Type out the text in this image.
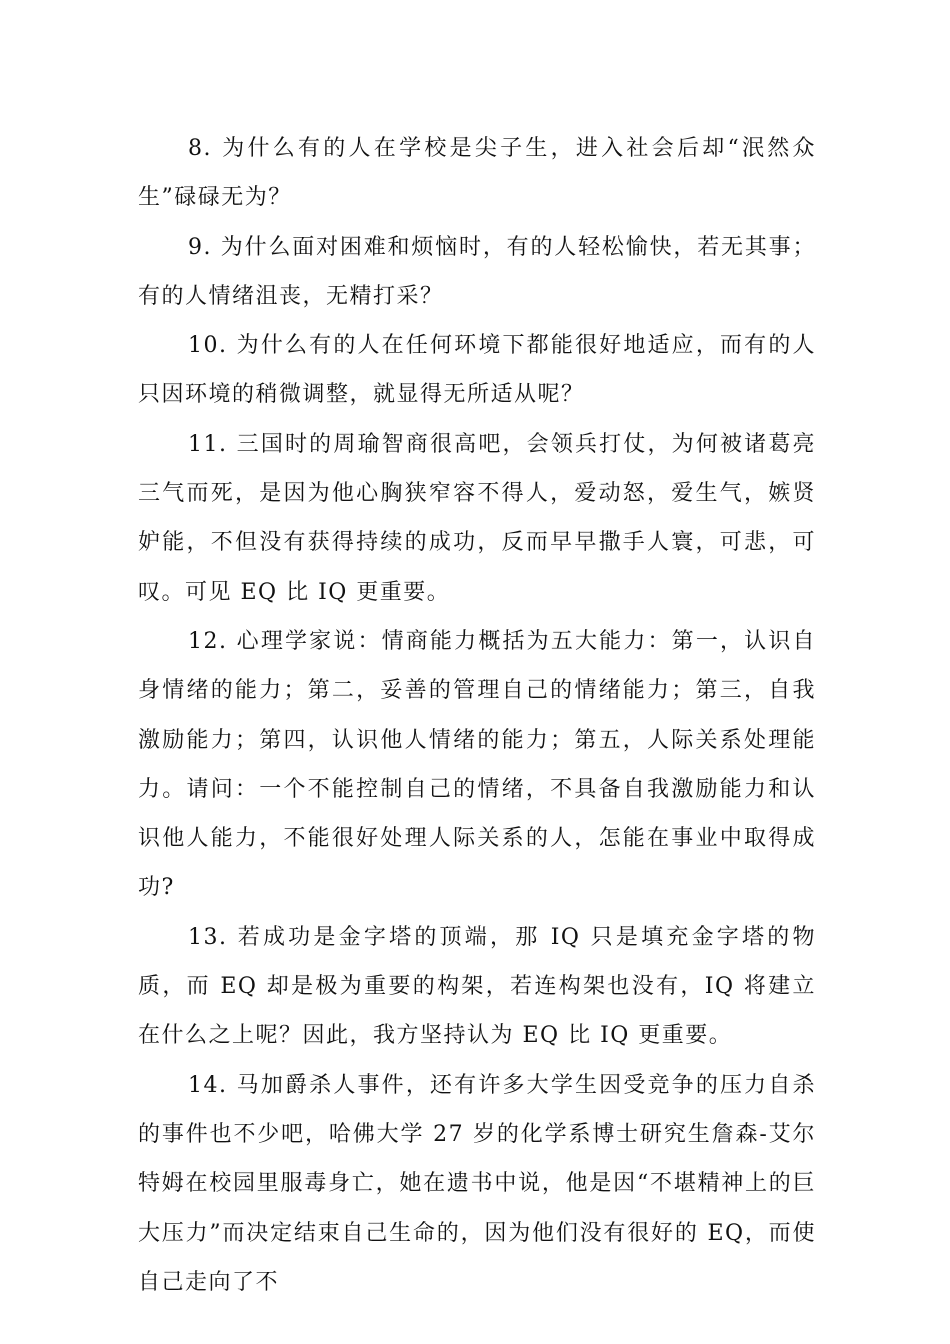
8. 为什么有的人在学校是尖子生，进入社会后却“泯然众生”碌碌无为？

9. 为什么面对困难和烦恼时，有的人轻松愉快，若无其事；有的人情绪沮丧，无精打采？

10. 为什么有的人在任何环境下都能很好地适应，而有的人只因环境的稍微调整，就显得无所适从呢？

11. 三国时的周瑜智商很高吧，会领兵打仗，为何被诸葛亮三气而死，是因为他心胸狭窄容不得人，爱动怒，爱生气，嫉贤妒能，不但没有获得持续的成功，反而早早撒手人寰，可悲，可叹。可见 EQ 比 IQ 更重要。

12. 心理学家说：情商能力概括为五大能力：第一，认识自身情绪的能力；第二，妥善的管理自己的情绪能力；第三，自我激励能力；第四，认识他人情绪的能力；第五，人际关系处理能力。请问：一个不能控制自己的情绪，不具备自我激励能力和认识他人能力，不能很好处理人际关系的人，怎能在事业中取得成功?

13. 若成功是金字塔的顶端，那 IQ 只是填充金字塔的物质，而 EQ 却是极为重要的构架，若连构架也没有，IQ 将建立在什么之上呢？因此，我方坚持认为 EQ 比 IQ 更重要。

14. 马加爵杀人事件，还有许多大学生因受竞争的压力自杀的事件也不少吧，哈佛大学 27 岁的化学系博士研究生詹森-艾尔特姆在校园里服毒身亡，她在遗书中说，他是因“不堪精神上的巨大压力”而决定结束自己生命的，因为他们没有很好的 EQ，而使自己走向了不
